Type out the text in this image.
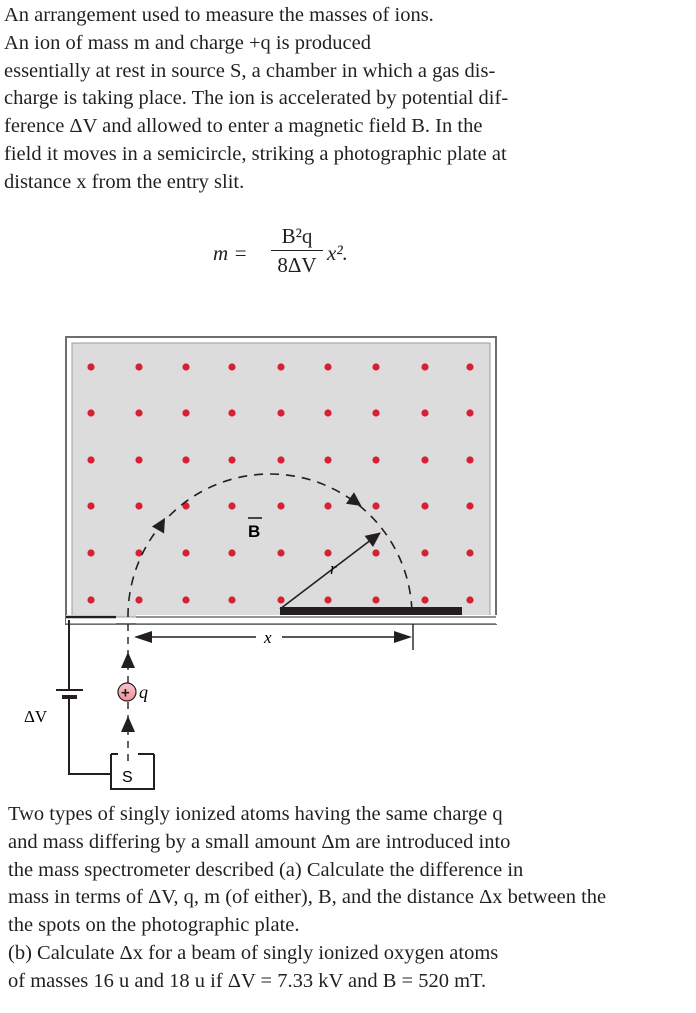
An arrangement used to measure the masses of ions.
An ion of mass m and charge +q is produced
essentially at rest in source S, a chamber in which a gas dis-
charge is taking place. The ion is accelerated by potential dif-
ference ΔV and allowed to enter a magnetic field B. In the
field it moves in a semicircle, striking a photographic plate at
distance x from the entry slit.

m =
B²q
8ΔV x².
r
B
x
+ q
ΔV
S

Two types of singly ionized atoms having the same charge q
and mass differing by a small amount Δm are introduced into
the mass spectrometer described (a) Calculate the difference in
mass in terms of ΔV, q, m (of either), B, and the distance Δx between the
the spots on the photographic plate.
(b) Calculate Δx for a beam of singly ionized oxygen atoms
of masses 16 u and 18 u if ΔV = 7.33 kV and B = 520 mT.
